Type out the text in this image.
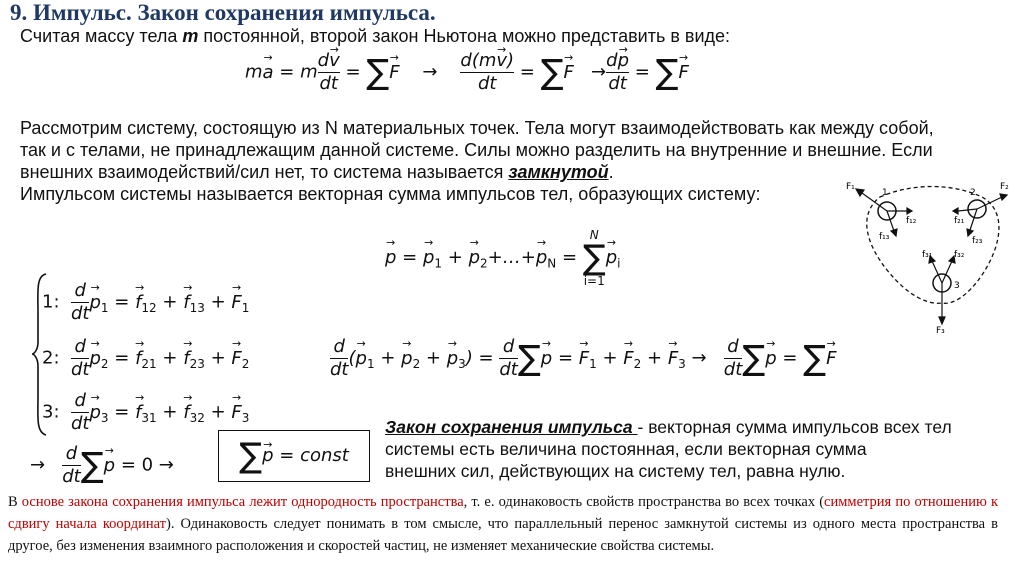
9. Импульс. Закон сохранения импульса.
Считая массу тела m постоянной, второй закон Ньютона можно представить в виде:
ma → = m $\frac{dv \to}{dt} = \sum F$ →    → $\frac{d(mv \to)}{dt} = \sum F$ →   → $\frac{dp \to}{dt} = \sum F$ →
Рассмотрим систему, состоящую из N материальных точек. Тела могут взаимодействовать как между собой,
так и с телами, не принадлежащим данной системе. Силы можно разделить на внутренние и внешние. Если
внешних взаимодействий/сил нет, то система называется замкнутой.
Импульсом системы называется векторная сумма импульсов тел, образующих систему:
p → = $p \to_1 + p$ $\to_2+\dots+p \to_N$ =
N
∑
i=1
$p \to_i$
1: $\frac{d}{dt}$ $p \to_1 = f \to_{12} + f \to_{13} + F \to_1$
2: $\frac{d}{dt}$ $p \to_2 = f \to_{21} + f \to_{23} + F \to_2$
3: $\frac{d}{dt}$ $p \to_3 = f \to_{31} + f \to_{32} + F \to_3$
$\frac{d}{dt} (p \to_1 + p \to_2 + p \to_3) = \frac{d}{dt} \sum p$ → = $F \to_1 + F \to_2 + F \to_3 \to \frac{d}{dt} \sum p$ → = ∑F →
→ $\frac{d}{dt} \sum p$ → = 0 →	∑p → = const
Закон сохранения импульса - векторная сумма импульсов всех тел
системы есть величина постоянная, если векторная сумма
внешних сил, действующих на систему тел, равна нулю.
В основе закона сохранения импульса лежит однородность пространства, т. е. одинаковость свойств пространства во всех точках (симметрия по отношению к сдвигу начала координат). Одинаковость следует понимать в том смысле, что параллельный перенос замкнутой системы из одного места пространства в другое, без изменения взаимного расположения и скоростей частиц, не изменяет механические свойства системы.
1	2
3
F₁	F₂
F₃
f₁₂
f₁₃
f₂₁
f₂₃
f₃₁ f₃₂
